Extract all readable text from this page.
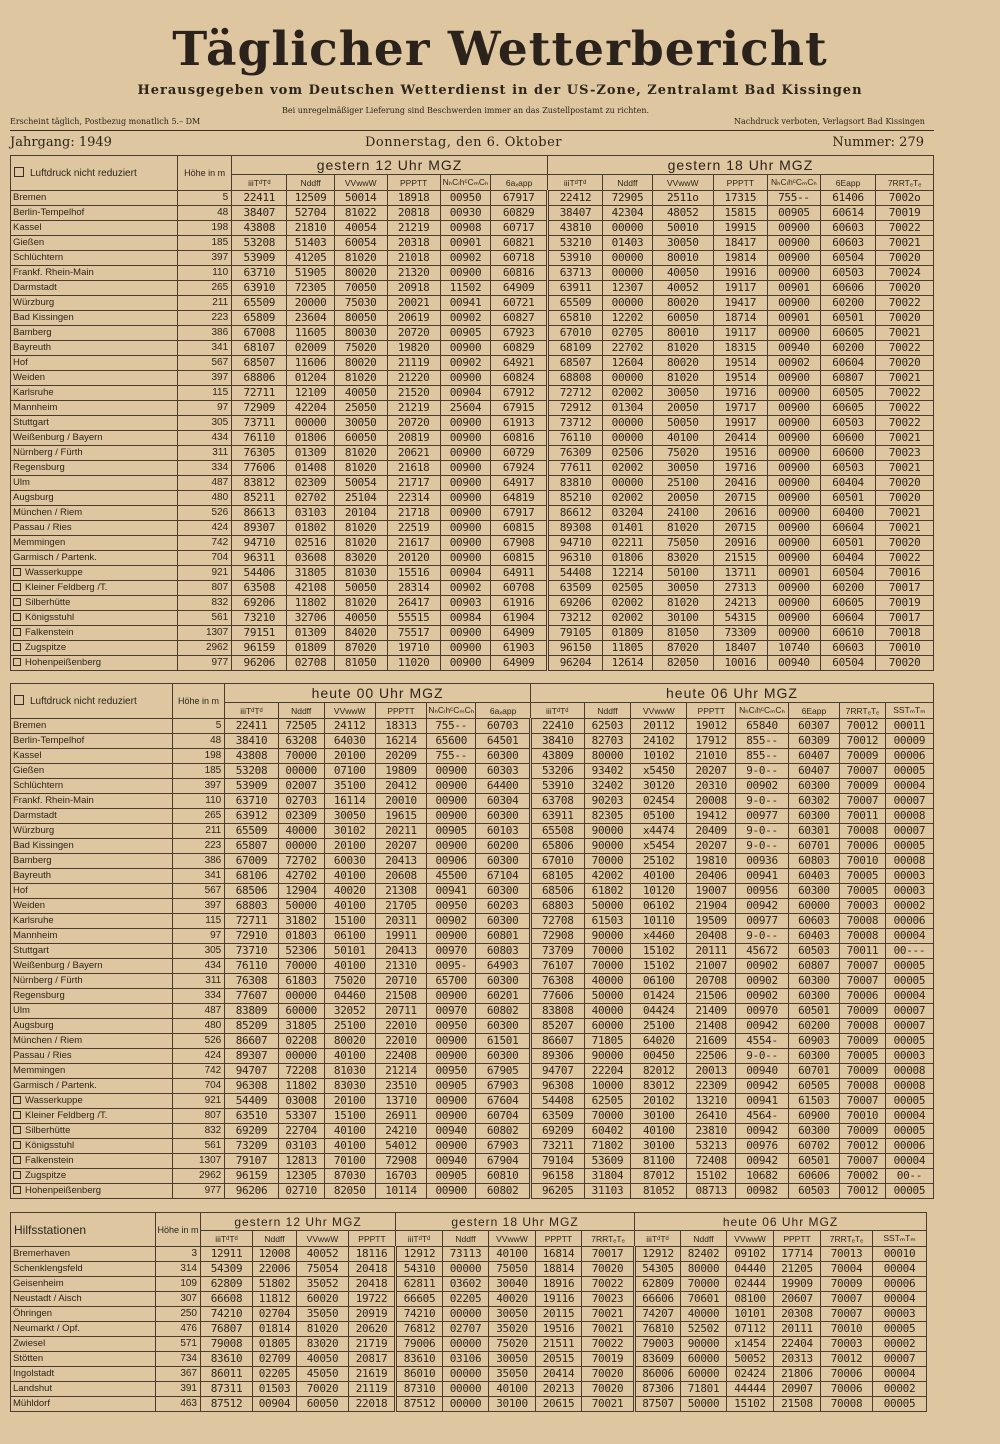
Täglicher Wetterbericht
Herausgegeben vom Deutschen Wetterdienst in der US-Zone, Zentralamt Bad Kissingen
Bei unregelmäßiger Lieferung sind Beschwerden immer an das Zustellpostamt zu richten.
Erscheint täglich, Postbezug monatlich 5.– DM	Nachdruck verboten, Verlagsort Bad Kissingen
Jahrgang: 1949	Donnerstag, den 6. Oktober	Nummer: 279
Luftdruck nicht reduziert	Höhe in m	gestern 12 Uhr MGZ						gestern 18 Uhr MGZ						
		iiiTᵈTᵈ	Nddff	VVwwW	PPPTT	NₕCₗhᶜCₘCₕ	6aₓapp	iiiTᵈTᵈ	Nddff	VVwwW	PPPTT	NₕCₗhᶜCₘCₕ	6Eapp	7RRTₑTₑ
Bremen	5	22411	12509	50014	18918	00950	67917	22412	72905	2511o	17315	755--	61406	7002o
Berlin-Tempelhof	48	38407	52704	81022	20818	00930	60829	38407	42304	48052	15815	00905	60614	70019
Kassel	198	43808	21810	40054	21219	00908	60717	43810	00000	50010	19915	00900	60603	70022
Gießen	185	53208	51403	60054	20318	00901	60821	53210	01403	30050	18417	00900	60603	70021
Schlüchtern	397	53909	41205	81020	21018	00902	60718	53910	00000	80010	19814	00900	60504	70020
Frankf. Rhein-Main	110	63710	51905	80020	21320	00900	60816	63713	00000	40050	19916	00900	60503	70024
Darmstadt	265	63910	72305	70050	20918	11502	64909	63911	12307	40052	19117	00901	60606	70020
Würzburg	211	65509	20000	75030	20021	00941	60721	65509	00000	80020	19417	00900	60200	70022
Bad Kissingen	223	65809	23604	80050	20619	00902	60827	65810	12202	60050	18714	00901	60501	70020
Bamberg	386	67008	11605	80030	20720	00905	67923	67010	02705	80010	19117	00900	60605	70021
Bayreuth	341	68107	02009	75020	19820	00900	60829	68109	22702	81020	18315	00940	60200	70022
Hof	567	68507	11606	80020	21119	00902	64921	68507	12604	80020	19514	00902	60604	70020
Weiden	397	68806	01204	81020	21220	00900	60824	68808	00000	81020	19514	00900	60807	70021
Karlsruhe	115	72711	12109	40050	21520	00904	67912	72712	02002	30050	19716	00900	60505	70022
Mannheim	97	72909	42204	25050	21219	25604	67915	72912	01304	20050	19717	00900	60605	70022
Stuttgart	305	73711	00000	30050	20720	00900	61913	73712	00000	50050	19917	00900	60503	70022
Weißenburg / Bayern	434	76110	01806	60050	20819	00900	60816	76110	00000	40100	20414	00900	60600	70021
Nürnberg / Fürth	311	76305	01309	81020	20621	00900	60729	76309	02506	75020	19516	00900	60600	70023
Regensburg	334	77606	01408	81020	21618	00900	67924	77611	02002	30050	19716	00900	60503	70021
Ulm	487	83812	02309	50054	21717	00900	64917	83810	00000	25100	20416	00900	60404	70020
Augsburg	480	85211	02702	25104	22314	00900	64819	85210	02002	20050	20715	00900	60501	70020
München / Riem	526	86613	03103	20104	21718	00900	67917	86612	03204	24100	20616	00900	60400	70021
Passau / Ries	424	89307	01802	81020	22519	00900	60815	89308	01401	81020	20715	00900	60604	70021
Memmingen	742	94710	02516	81020	21617	00900	67908	94710	02211	75050	20916	00900	60501	70020
Garmisch / Partenk.	704	96311	03608	83020	20120	00900	60815	96310	01806	83020	21515	00900	60404	70022
Wasserkuppe	921	54406	31805	81030	15516	00904	64911	54408	12214	50100	13711	00901	60504	70016
Kleiner Feldberg /T.	807	63508	42108	50050	28314	00902	60708	63509	02505	30050	27313	00900	60200	70017
Silberhütte	832	69206	11802	81020	26417	00903	61916	69206	02002	81020	24213	00900	60605	70019
Königsstuhl	561	73210	32706	40050	55515	00984	61904	73212	02002	30100	54315	00900	60604	70017
Falkenstein	1307	79151	01309	84020	75517	00900	64909	79105	01809	81050	73309	00900	60610	70018
Zugspitze	2962	96159	01809	87020	19710	00900	61903	96150	11805	87020	18407	10740	60603	70010
Hohenpeißenberg	977	96206	02708	81050	11020	00900	64909	96204	12614	82050	10016	00940	60504	70020
Luftdruck nicht reduziert	Höhe in m	heute 00 Uhr MGZ						heute 06 Uhr MGZ							
		iiiTᵈTᵈ	Nddff	VVwwW	PPPTT	NₕCₗhᶜCₘCₕ	6aₓapp	iiiTᵈTᵈ	Nddff	VVwwW	PPPTT	NₕCₗhᶜCₘCₕ	6Eapp	7RRTₑTₑ	SSTₘTₘ
Bremen	5	22411	72505	24112	18313	755--	60703	22410	62503	20112	19012	65840	60307	70012	00011
Berlin-Tempelhof	48	38410	63208	64030	16214	65600	64501	38410	82703	24102	17912	855--	60309	70012	00009
Kassel	198	43808	70000	20100	20209	755--	60300	43809	80000	10102	21010	855--	60407	70009	00006
Gießen	185	53208	00000	07100	19809	00900	60303	53206	93402	x5450	20207	9-0--	60407	70007	00005
Schlüchtern	397	53909	02007	35100	20412	00900	64400	53910	32402	30120	20310	00902	60300	70009	00004
Frankf. Rhein-Main	110	63710	02703	16114	20010	00900	60304	63708	90203	02454	20008	9-0--	60302	70007	00007
Darmstadt	265	63912	02309	30050	19615	00900	60300	63911	82305	05100	19412	00977	60300	70011	00008
Würzburg	211	65509	40000	30102	20211	00905	60103	65508	90000	x4474	20409	9-0--	60301	70008	00007
Bad Kissingen	223	65807	00000	20100	20207	00900	60200	65806	90000	x5454	20207	9-0--	60701	70006	00005
Bamberg	386	67009	72702	60030	20413	00906	60300	67010	70000	25102	19810	00936	60803	70010	00008
Bayreuth	341	68106	42702	40100	20608	45500	67104	68105	42002	40100	20406	00941	60403	70005	00003
Hof	567	68506	12904	40020	21308	00941	60300	68506	61802	10120	19007	00956	60300	70005	00003
Weiden	397	68803	50000	40100	21705	00950	60203	68803	50000	06102	21904	00942	60000	70003	00002
Karlsruhe	115	72711	31802	15100	20311	00902	60300	72708	61503	10110	19509	00977	60603	70008	00006
Mannheim	97	72910	01803	06100	19911	00900	60801	72908	90000	x4460	20408	9-0--	60403	70008	00004
Stuttgart	305	73710	52306	50101	20413	00970	60803	73709	70000	15102	20111	45672	60503	70011	00---
Weißenburg / Bayern	434	76110	70000	40100	21310	0095-	64903	76107	70000	15102	21007	00902	60807	70007	00005
Nürnberg / Fürth	311	76308	61803	75020	20710	65700	60300	76308	40000	06100	20708	00902	60300	70007	00005
Regensburg	334	77607	00000	04460	21508	00900	60201	77606	50000	01424	21506	00902	60300	70006	00004
Ulm	487	83809	60000	32052	20711	00970	60802	83808	40000	04424	21409	00970	60501	70009	00007
Augsburg	480	85209	31805	25100	22010	00950	60300	85207	60000	25100	21408	00942	60200	70008	00007
München / Riem	526	86607	02208	80020	22010	00900	61501	86607	71805	64020	21609	4554-	60903	70009	00005
Passau / Ries	424	89307	00000	40100	22408	00900	60300	89306	90000	00450	22506	9-0--	60300	70005	00003
Memmingen	742	94707	72208	81030	21214	00950	67905	94707	22204	82012	20013	00940	60701	70009	00008
Garmisch / Partenk.	704	96308	11802	83030	23510	00905	67903	96308	10000	83012	22309	00942	60505	70008	00008
Wasserkuppe	921	54409	03008	20100	13710	00900	67604	54408	62505	20102	13210	00941	61503	70007	00005
Kleiner Feldberg /T.	807	63510	53307	15100	26911	00900	60704	63509	70000	30100	26410	4564-	60900	70010	00004
Silberhütte	832	69209	22704	40100	24210	00940	60802	69209	60402	40100	23810	00942	60300	70009	00005
Königsstuhl	561	73209	03103	40100	54012	00900	67903	73211	71802	30100	53213	00976	60702	70012	00006
Falkenstein	1307	79107	12813	70100	72908	00940	67904	79104	53609	81100	72408	00942	60501	70007	00004
Zugspitze	2962	96159	12305	87030	16703	00905	60810	96158	31804	87012	15102	10682	60606	70002	00--
Hohenpeißenberg	977	96206	02710	82050	10114	00900	60802	96205	31103	81052	08713	00982	60503	70012	00005
Hilfsstationen	Höhe in m	gestern 12 Uhr MGZ				gestern 18 Uhr MGZ					heute 06 Uhr MGZ					
		iiiTᵈTᵈ	Nddff	VVwwW	PPPTT	iiiTᵈTᵈ	Nddff	VVwwW	PPPTT	7RRTₑTₑ	iiiTᵈTᵈ	Nddff	VVwwW	PPPTT	7RRTₑTₑ	SSTₘTₘ
Bremerhaven	3	12911	12008	40052	18116	12912	73113	40100	16814	70017	12912	82402	09102	17714	70013	00010
Schenklengsfeld	314	54309	22006	75054	20418	54310	00000	75050	18814	70020	54305	80000	04440	21205	70004	00004
Geisenheim	109	62809	51802	35052	20418	62811	03602	30040	18916	70022	62809	70000	02444	19909	70009	00006
Neustadt / Aisch	307	66608	11812	60020	19722	66605	02205	40020	19116	70023	66606	70601	08100	20607	70007	00004
Öhringen	250	74210	02704	35050	20919	74210	00000	30050	20115	70021	74207	40000	10101	20308	70007	00003
Neumarkt / Opf.	476	76807	01814	81020	20620	76812	02707	35020	19516	70021	76810	52502	07112	20111	70010	00005
Zwiesel	571	79008	01805	83020	21719	79006	00000	75020	21511	70022	79003	90000	x1454	22404	70003	00002
Stötten	734	83610	02709	40050	20817	83610	03106	30050	20515	70019	83609	60000	50052	20313	70012	00007
Ingolstadt	367	86011	02205	45050	21619	86010	00000	35050	20414	70020	86006	60000	02424	21806	70006	00004
Landshut	391	87311	01503	70020	21119	87310	00000	40100	20213	70020	87306	71801	44444	20907	70006	00002
Mühldorf	463	87512	00904	60050	22018	87512	00000	30100	20615	70021	87507	50000	15102	21508	70008	00005
